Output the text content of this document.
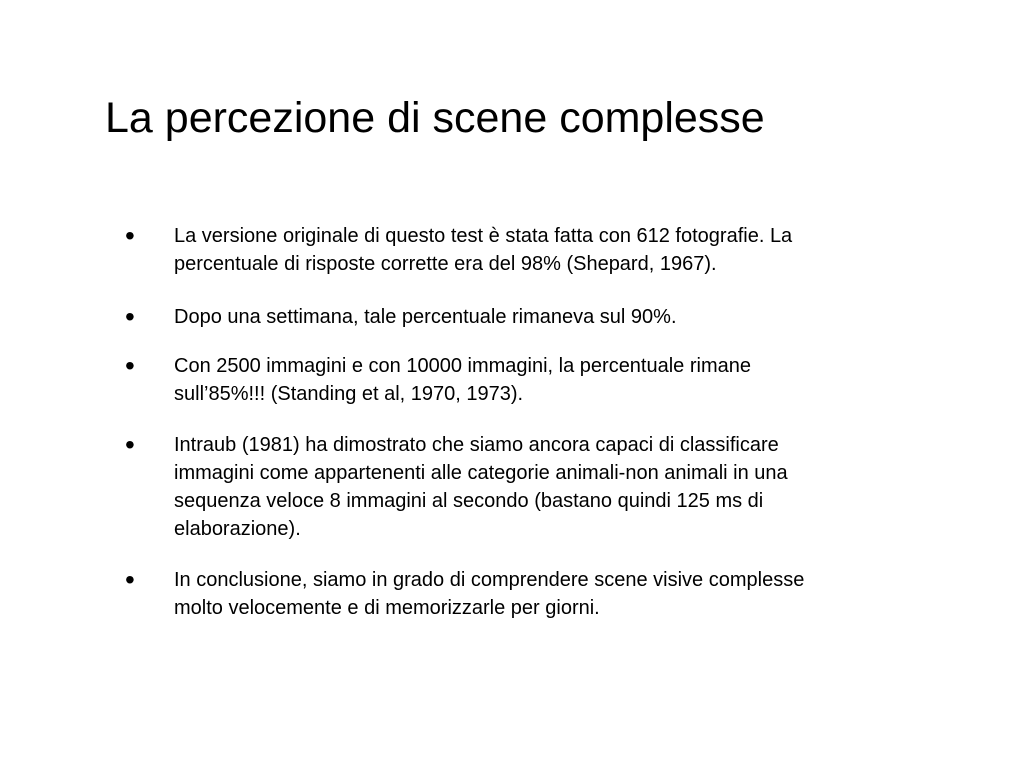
La percezione di scene complesse
• La versione originale di questo test è stata fatta con 612 fotografie. La
percentuale di risposte corrette era del 98% (Shepard, 1967).
• Dopo una settimana, tale percentuale rimaneva sul 90%.
• Con 2500 immagini e con 10000 immagini, la percentuale rimane
sull’85%!!! (Standing et al, 1970, 1973).
• Intraub (1981) ha dimostrato che siamo ancora capaci di classificare
immagini come appartenenti alle categorie animali-non animali in una
sequenza veloce 8 immagini al secondo (bastano quindi 125 ms di
elaborazione).
• In conclusione, siamo in grado di comprendere scene visive complesse
molto velocemente e di memorizzarle per giorni.
